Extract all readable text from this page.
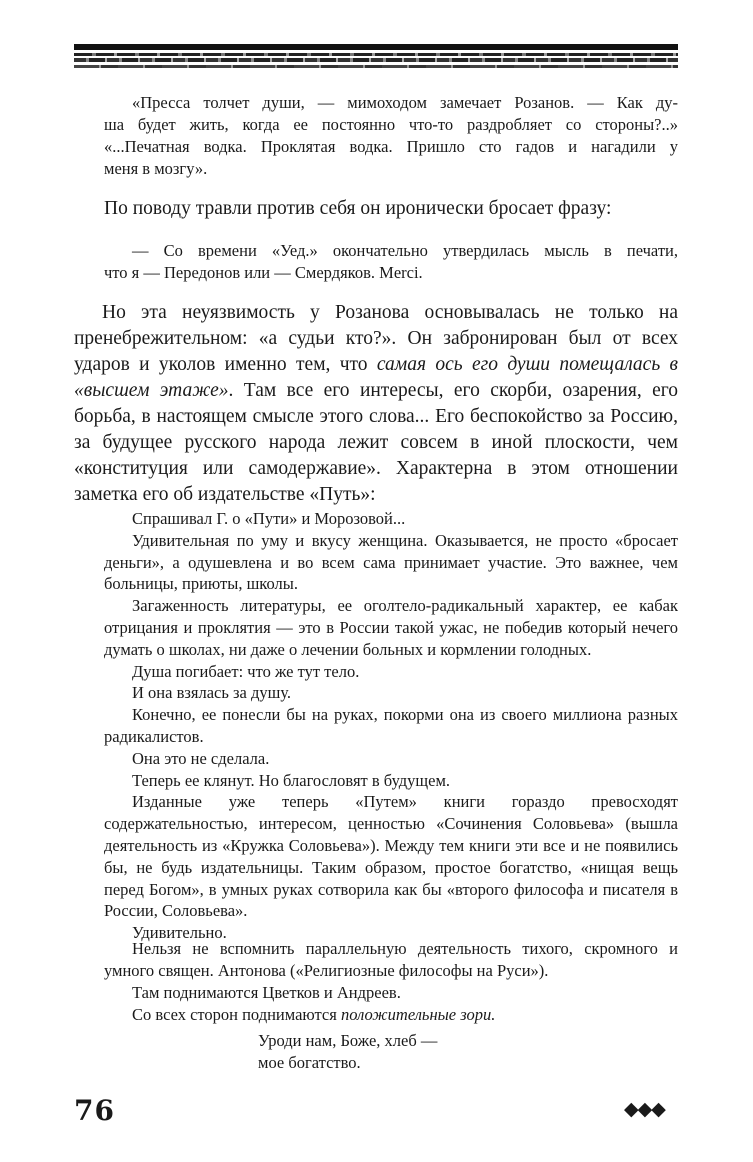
«Пресса толчет души, — мимоходом замечает Розанов. — Как ду-

ша будет жить, когда ее постоянно что-то раздробляет со стороны?..»

«...Печатная водка. Проклятая водка. Пришло сто гадов и нагадили у

меня в мозгу».

По поводу травли против себя он иронически бросает фразу:

— Со времени «Уед.» окончательно утвердилась мысль в печати,

что я — Передонов или — Смердяков. Merci.

Но эта неуязвимость у Розанова основывалась не только на пренебрежительном: «а судьи кто?». Он забронирован был от всех ударов и уколов именно тем, что самая ось его души помещалась в «высшем этаже». Там все его интересы, его скорби, озарения, его борьба, в настоящем смысле этого слова... Его беспокойство за Россию, за будущее русского народа лежит совсем в иной плоскости, чем «конституция или самодержавие». Характерна в этом отношении заметка его об издательстве «Путь»:

Спрашивал Г. о «Пути» и Морозовой...

Удивительная по уму и вкусу женщина. Оказывается, не просто «бросает деньги», а одушевлена и во всем сама принимает участие. Это важнее, чем больницы, приюты, школы.

Загаженность литературы, ее оголтело-радикальный характер, ее кабак отрицания и проклятия — это в России такой ужас, не победив который нечего думать о школах, ни даже о лечении больных и кормлении голодных.

Душа погибает: что же тут тело.

И она взялась за душу.

Конечно, ее понесли бы на руках, покорми она из своего миллиона разных радикалистов.

Она это не сделала.

Теперь ее клянут. Но благословят в будущем.

Изданные уже теперь «Путем» книги гораздо превосходят содержательностью, интересом, ценностью «Сочинения Соловьева» (вышла деятельность из «Кружка Соловьева»). Между тем книги эти все и не появились бы, не будь издательницы. Таким образом, простое богатство, «нищая вещь перед Богом», в умных руках сотворила как бы «второго философа и писателя в России, Соловьева».

Удивительно.

Нельзя не вспомнить параллельную деятельность тихого, скромного и умного священ. Антонова («Религиозные философы на Руси»).

Там поднимаются Цветков и Андреев.

Со всех сторон поднимаются положительные зори.

Уроди нам, Боже, хлеб —
мое богатство.
76	◆◆◆
